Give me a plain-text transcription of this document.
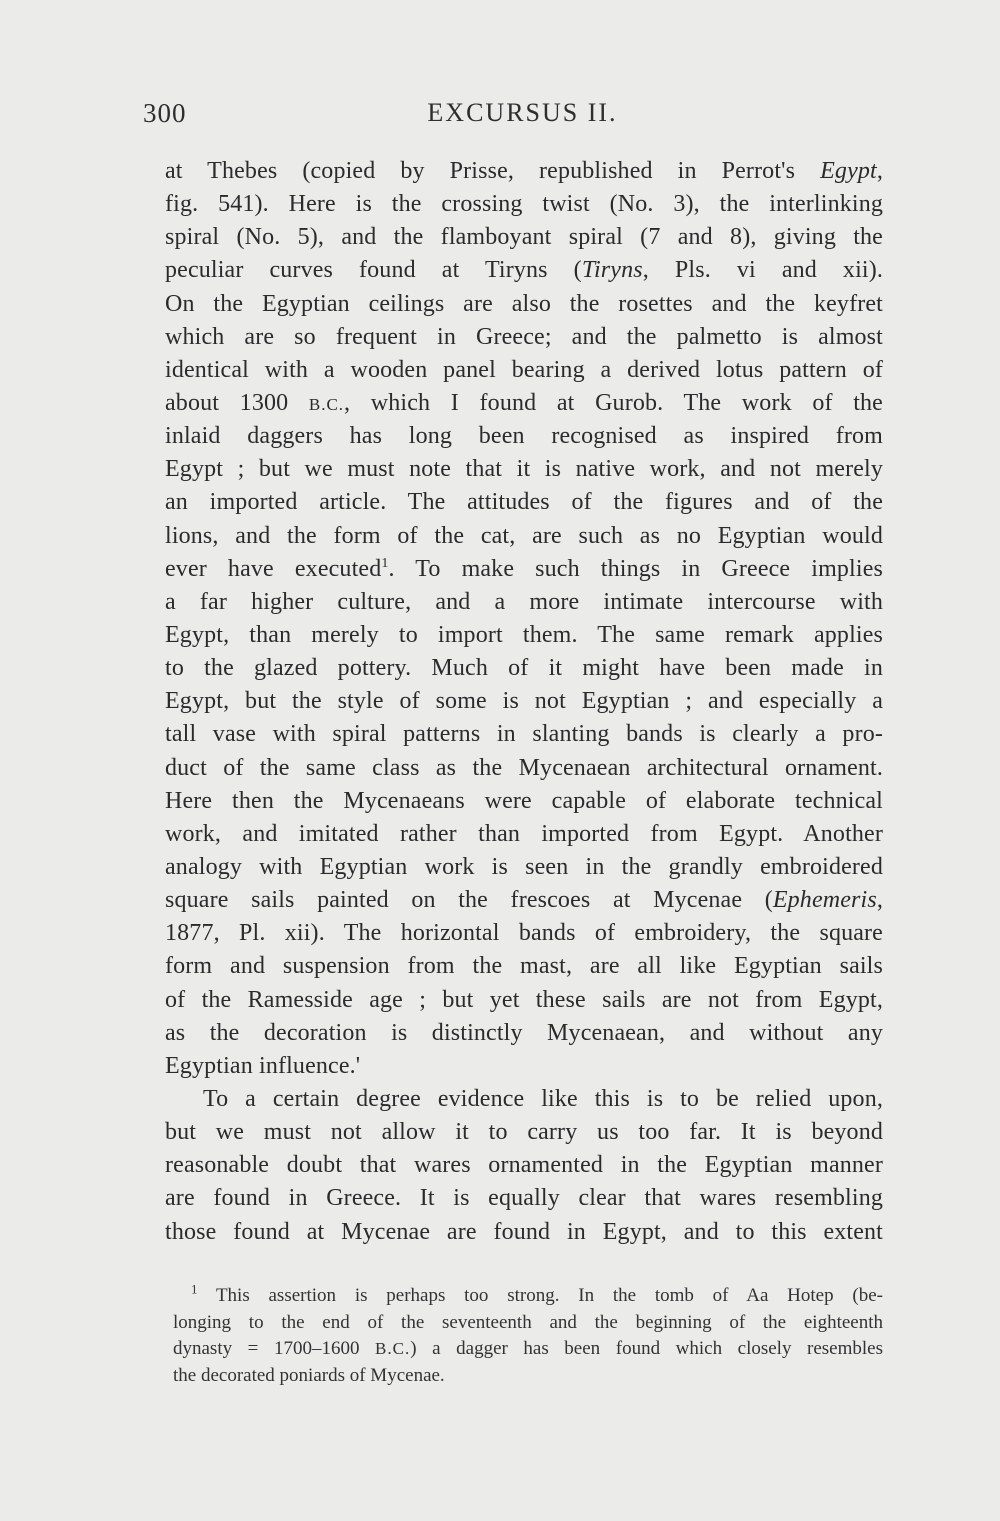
300	EXCURSUS II.
at Thebes (copied by Prisse, republished in Perrot's Egypt,
fig. 541). Here is the crossing twist (No. 3), the interlinking
spiral (No. 5), and the flamboyant spiral (7 and 8), giving the
peculiar curves found at Tiryns (Tiryns, Pls. vi and xii).
On the Egyptian ceilings are also the rosettes and the keyfret
which are so frequent in Greece; and the palmetto is almost
identical with a wooden panel bearing a derived lotus pattern of
about 1300 B.C., which I found at Gurob. The work of the
inlaid daggers has long been recognised as inspired from
Egypt ; but we must note that it is native work, and not merely
an imported article. The attitudes of the figures and of the
lions, and the form of the cat, are such as no Egyptian would
ever have executed$^1$. To make such things in Greece implies
a far higher culture, and a more intimate intercourse with
Egypt, than merely to import them. The same remark applies
to the glazed pottery. Much of it might have been made in
Egypt, but the style of some is not Egyptian ; and especially a
tall vase with spiral patterns in slanting bands is clearly a pro-
duct of the same class as the Mycenaean architectural ornament.
Here then the Mycenaeans were capable of elaborate technical
work, and imitated rather than imported from Egypt. Another
analogy with Egyptian work is seen in the grandly embroidered
square sails painted on the frescoes at Mycenae (Ephemeris,
1877, Pl. xii). The horizontal bands of embroidery, the square
form and suspension from the mast, are all like Egyptian sails
of the Ramesside age ; but yet these sails are not from Egypt,
as the decoration is distinctly Mycenaean, and without any
Egyptian influence.'
To a certain degree evidence like this is to be relied upon,
but we must not allow it to carry us too far. It is beyond
reasonable doubt that wares ornamented in the Egyptian manner
are found in Greece. It is equally clear that wares resembling
those found at Mycenae are found in Egypt, and to this extent
$^1$ This assertion is perhaps too strong. In the tomb of Aa Hotep (be-
longing to the end of the seventeenth and the beginning of the eighteenth
dynasty = 1700–1600 B.C.) a dagger has been found which closely resembles
the decorated poniards of Mycenae.
